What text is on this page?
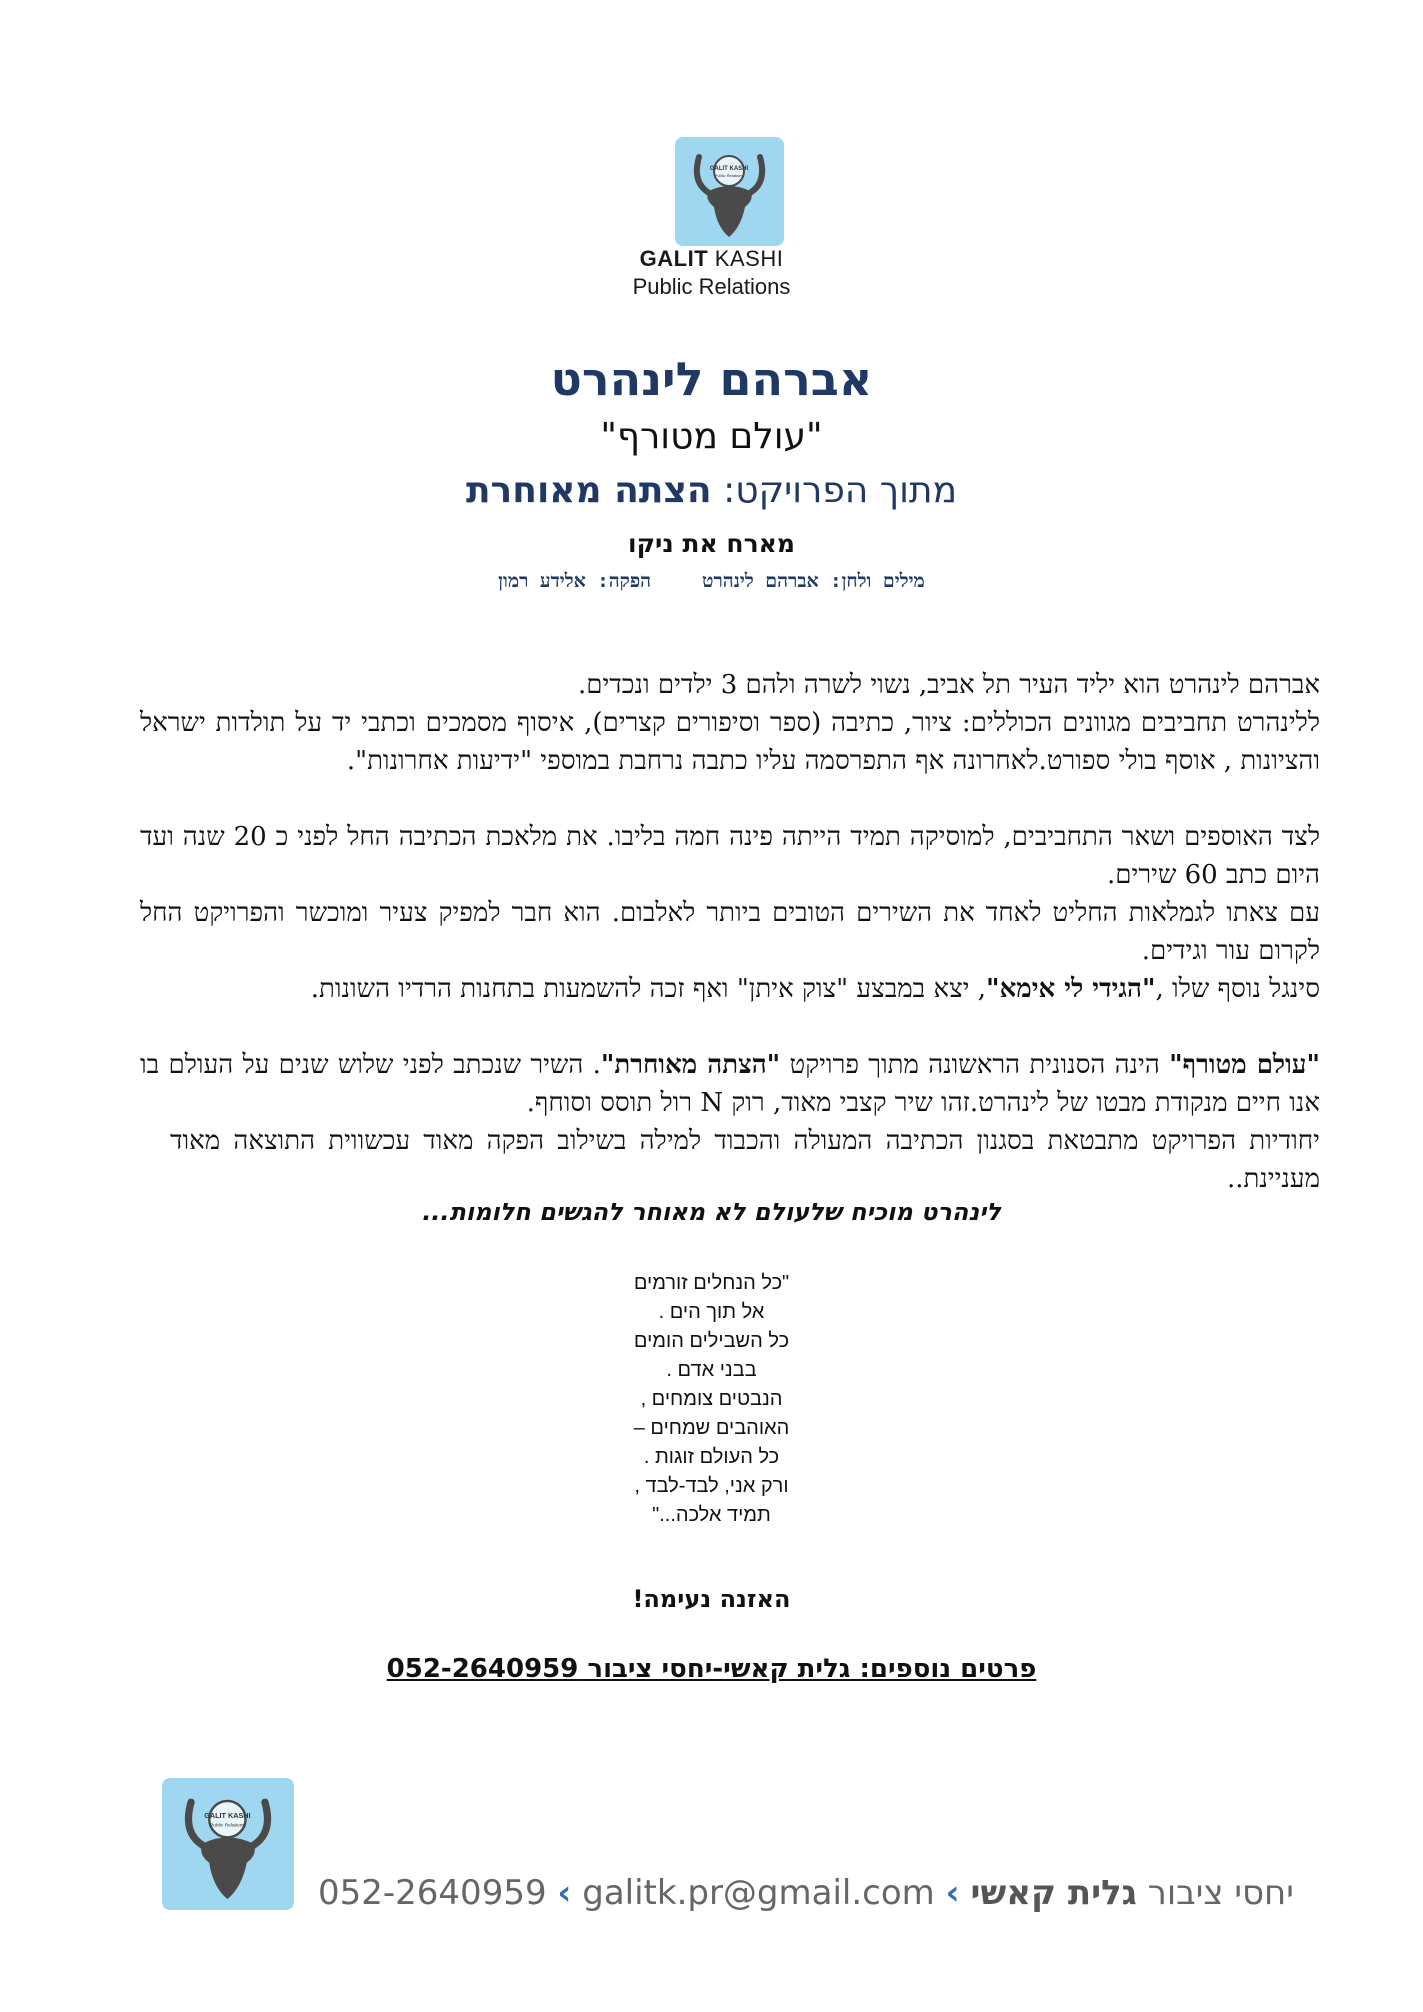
GALIT KASHI
Public Relations
GALIT KASHI
Public Relations
אברהם לינהרט
"עולם מטורף"
מתוך הפרויקט: הצתה מאוחרת
מארח את ניקו
מילים ולחן: אברהם לינהרט  הפקה: אלידע רמון
אברהם לינהרט הוא יליד העיר תל אביב, נשוי לשרה ולהם 3 ילדים ונכדים.
ללינהרט תחביבים מגוונים הכוללים: ציור, כתיבה (ספר וסיפורים קצרים), איסוף מסמכים וכתבי יד על תולדות ישראל והציונות , אוסף בולי ספורט.לאחרונה אף התפרסמה עליו כתבה נרחבת במוספי "ידיעות אחרונות".
לצד האוספים ושאר התחביבים, למוסיקה תמיד הייתה פינה חמה בליבו. את מלאכת הכתיבה החל לפני כ 20 שנה ועד היום כתב 60 שירים.
עם צאתו לגמלאות החליט לאחד את השירים הטובים ביותר לאלבום. הוא חבר למפיק צעיר ומוכשר והפרויקט החל לקרום עור וגידים.
סינגל נוסף שלו ,"הגידי לי אימא", יצא במבצע "צוק איתן" ואף זכה להשמעות בתחנות הרדיו השונות.
"עולם מטורף" הינה הסנונית הראשונה מתוך פרויקט "הצתה מאוחרת". השיר שנכתב לפני שלוש שנים על העולם בו אנו חיים מנקודת מבטו של לינהרט.זהו שיר קצבי מאוד, רוק N רול תוסס וסוחף.
יחודיות הפרויקט מתבטאת בסגנון הכתיבה המעולה והכבוד למילה בשילוב הפקה מאוד עכשווית התוצאה מאוד מעניינת..
לינהרט מוכיח שלעולם לא מאוחר להגשים חלומות...
"כל הנחלים זורמים
אל תוך הים .
כל השבילים הומים
בבני אדם .
הנבטים צומחים ,
האוהבים שמחים –
כל העולם זוגות .
ורק אני, לבד-לבד ,
תמיד אלכה..."
האזנה נעימה!
פרטים נוספים: גלית קאשי-יחסי ציבור 052-2640959
GALIT KASHI
Public Relations
052-2640959 ‹ galitk.pr@gmail.com ‹	יחסי ציבור גלית קאשי
